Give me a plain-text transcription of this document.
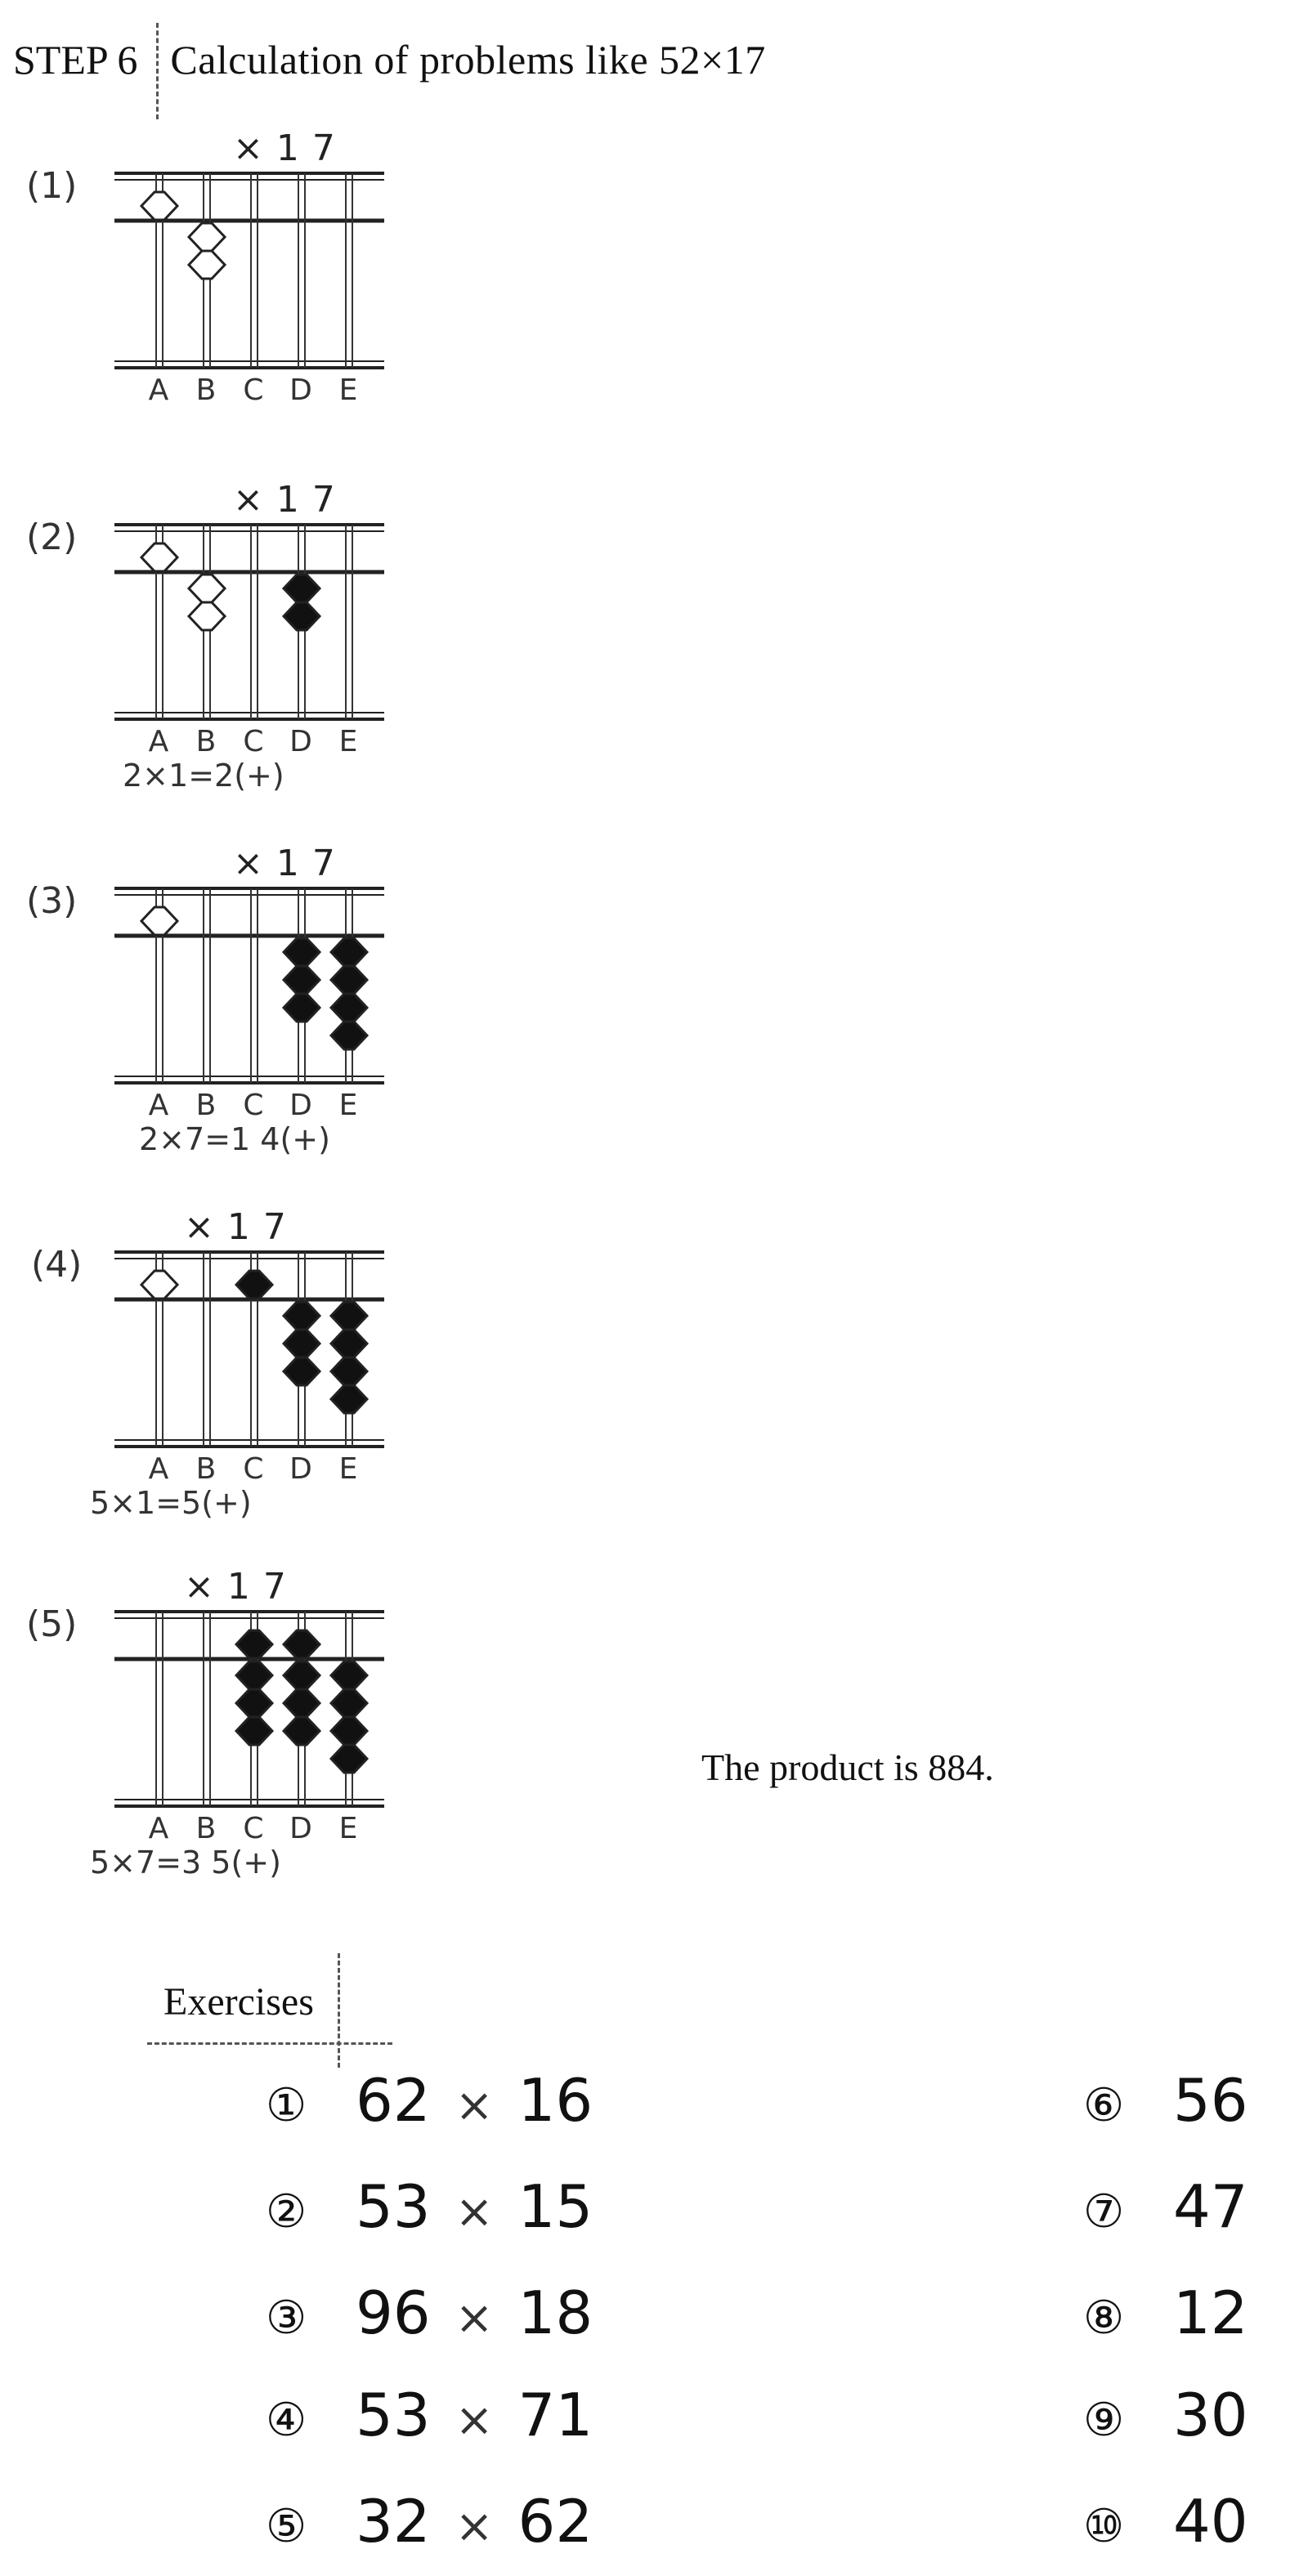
STEP 6 Calculation of problems like 52×17
×17
(1)
A B C D E
×17
(2)
A B C D E
2×1=2(+)
×17
(3)
A B C D E
2×7=1 4(+)
×17
(4)
A B C D E
5×1=5(+)
×17
(5)
A B C D E
5×7=3 5(+)
The product is 884.
Exercises
① 62 × 16
② 53 × 15
③ 96 × 18
④ 53 × 71
⑤ 32 × 62
⑥ 56
⑦ 47
⑧ 12
⑨ 30
⑩ 40
